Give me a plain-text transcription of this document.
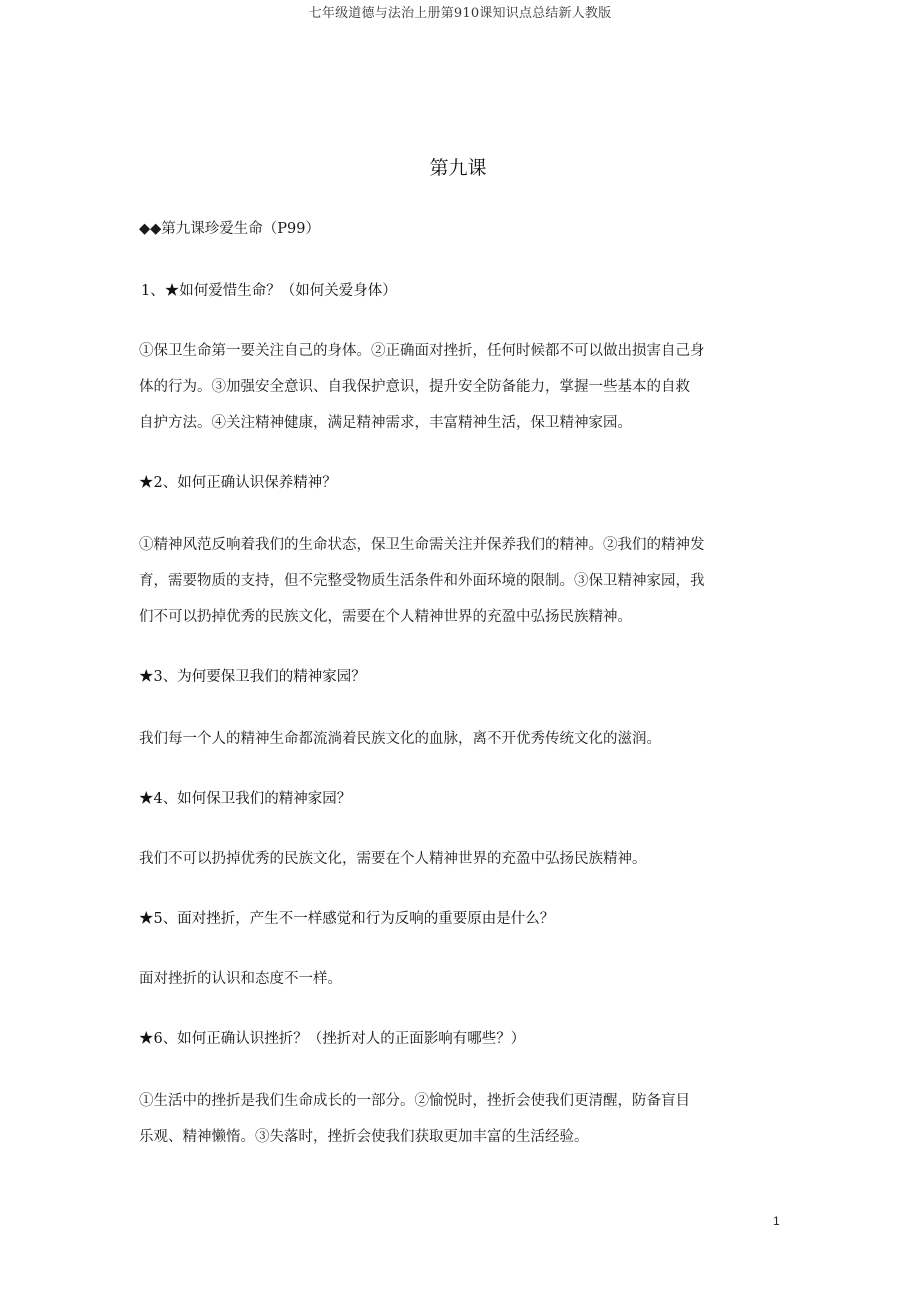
七年级道德与法治上册第910课知识点总结新人教版
第九课
◆◆第九课珍爱生命（P99）
1、★如何爱惜生命？（如何关爱身体）
①保卫生命第一要关注自己的身体。②正确面对挫折，任何时候都不可以做出损害自己身
体的行为。③加强安全意识、自我保护意识，提升安全防备能力，掌握一些基本的自救
自护方法。④关注精神健康，满足精神需求，丰富精神生活，保卫精神家园。
★2、如何正确认识保养精神？
①精神风范反响着我们的生命状态，保卫生命需关注并保养我们的精神。②我们的精神发
育，需要物质的支持，但不完整受物质生活条件和外面环境的限制。③保卫精神家园，我
们不可以扔掉优秀的民族文化，需要在个人精神世界的充盈中弘扬民族精神。
★3、为何要保卫我们的精神家园？
我们每一个人的精神生命都流淌着民族文化的血脉，离不开优秀传统文化的滋润。
★4、如何保卫我们的精神家园？
我们不可以扔掉优秀的民族文化，需要在个人精神世界的充盈中弘扬民族精神。
★5、面对挫折，产生不一样感觉和行为反响的重要原由是什么？
面对挫折的认识和态度不一样。
★6、如何正确认识挫折？（挫折对人的正面影响有哪些？）
①生活中的挫折是我们生命成长的一部分。②愉悦时，挫折会使我们更清醒，防备盲目
乐观、精神懒惰。③失落时，挫折会使我们获取更加丰富的生活经验。
1
